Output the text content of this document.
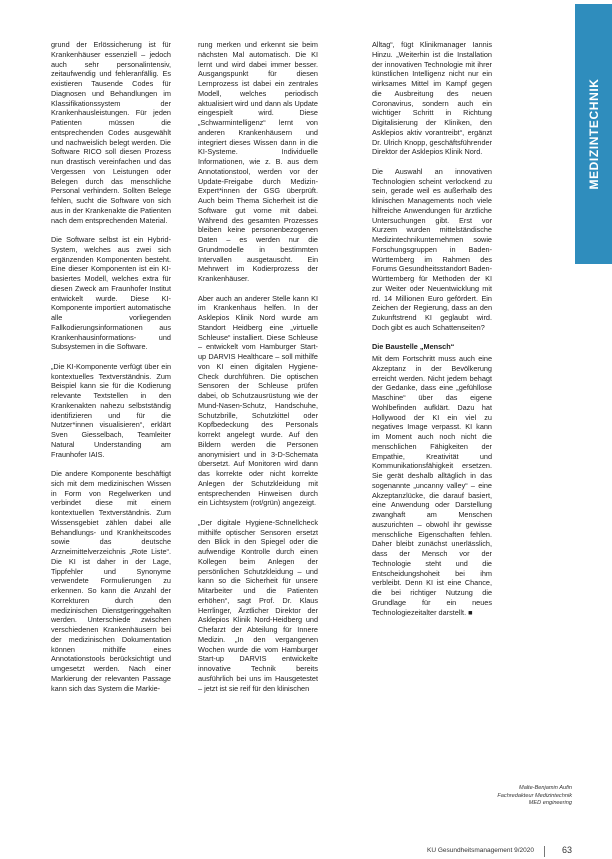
MEDIZINTECHNIK

grund der Erlössicherung ist für Krankenhäuser essenziell – jedoch auch sehr personalintensiv, zeitaufwendig und fehleranfällig. Es existieren Tausende Codes für Diagnosen und Behandlungen im Klassifikationssystem der Krankenhausleistungen. Für jeden Patienten müssen die entsprechenden Codes ausgewählt und nachweislich belegt werden. Die Software RICO soll diesen Prozess nun drastisch vereinfachen und das Vergessen von Leistungen oder Belegen durch das menschliche Personal verhindern. Sollten Belege fehlen, sucht die Software von sich aus in der Krankenakte die Patienten nach dem entsprechenden Material.

Die Software selbst ist ein Hybrid-System, welches aus zwei sich ergänzenden Komponenten besteht. Eine dieser Komponenten ist ein KI-basiertes Modell, welches extra für diesen Zweck am Fraunhofer Institut entwickelt wurde. Diese KI-Komponente importiert automatische alle vorliegenden Fallkodierungsinformationen aus Krankenhausinformations- und Subsystemen in die Software.

„Die KI-Komponente verfügt über ein kontextuelles Textverständnis. Zum Beispiel kann sie für die Kodierung relevante Textstellen in den Krankenakten nahezu selbstständig identifizieren und für die Nutzer*innen visualisieren“, erklärt Sven Giesselbach, Teamleiter Natural Understanding am Fraunhofer IAIS.

Die andere Komponente beschäftigt sich mit dem medizinischen Wissen in Form von Regelwerken und verbindet diese mit einem kontextuellen Textverständnis. Zum Wissensgebiet zählen dabei alle Behandlungs- und Krankheitscodes sowie das deutsche Arzneimittelverzeichnis „Rote Liste“. Die KI ist daher in der Lage, Tippfehler und Synonyme verwendete Formulierungen zu erkennen. So kann die Anzahl der Korrekturen durch den medizinischen Dienstgeringgehalten werden. Unterschiede zwischen verschiedenen Krankenhäusern bei der medizinischen Dokumentation können mithilfe eines Annotationstools berücksichtigt und umgesetzt werden. Nach einer Markierung der relevanten Passage kann sich das System die Markie-

rung merken und erkennt sie beim nächsten Mal automatisch. Die KI lernt und wird dabei immer besser. Ausgangspunkt für diesen Lernprozess ist dabei ein zentrales Modell, welches periodisch aktualisiert wird und dann als Update eingespielt wird. Diese „Schwarmintelligenz“ lernt von anderen Krankenhäusern und integriert dieses Wissen dann in die KI-Systeme. Individuelle Informationen, wie z. B. aus dem Annotationstool, werden vor der Update-Freigabe durch Medizin-Expert*innen der GSG überprüft. Auch beim Thema Sicherheit ist die Software gut vorne mit dabei. Während des gesamten Prozesses bleiben keine personenbezogenen Daten – es werden nur die Grundmodelle in bestimmten Intervallen ausgetauscht. Ein Mehrwert im Kodierprozess der Krankenhäuser.

Aber auch an anderer Stelle kann KI im Krankenhaus helfen. In der Asklepios Klinik Nord wurde am Standort Heidberg eine „virtuelle Schleuse“ installiert. Diese Schleuse – entwickelt vom Hamburger Start-up DARVIS Healthcare – soll mithilfe von KI einen digitalen Hygiene-Check durchführen. Die optischen Sensoren der Schleuse prüfen dabei, ob Schutzausrüstung wie der Mund-Nasen-Schutz, Handschuhe, Schutzbrille, Schutzkittel oder Kopfbedeckung des Personals korrekt angelegt wurde. Auf den Bildern werden die Personen anonymisiert und in 3-D-Schemata übersetzt. Auf Monitoren wird dann das korrekte oder nicht korrekte Anlegen der Schutzkleidung mit entsprechenden Hinweisen durch ein Lichtsystem (rot/grün) angezeigt.

„Der digitale Hygiene-Schnellcheck mithilfe optischer Sensoren ersetzt den Blick in den Spiegel oder die aufwendige Kontrolle durch einen Kollegen beim Anlegen der persönlichen Schutzkleidung – und kann so die Sicherheit für unsere Mitarbeiter und die Patienten erhöhen“, sagt Prof. Dr. Klaus Herrlinger, Ärztlicher Direktor der Asklepios Klinik Nord-Heidberg und Chefarzt der Abteilung für Innere Medizin. „In den vergangenen Wochen wurde die vom Hamburger Start-up DARVIS entwickelte innovative Technik bereits ausführlich bei uns im Hausgetestet – jetzt ist sie reif für den klinischen

Alltag“, fügt Klinikmanager Iannis Hinzu. „Weiterhin ist die Installation der innovativen Technologie mit ihrer künstlichen Intelligenz nicht nur ein wirksames Mittel im Kampf gegen die Ausbreitung des neuen Coronavirus, sondern auch ein wichtiger Schritt in Richtung Digitalisierung der Kliniken, den Asklepios aktiv vorantreibt“, ergänzt Dr. Ulrich Knopp, geschäftsführender Direktor der Asklepios Klinik Nord.

Die Auswahl an innovativen Technologien scheint verlockend zu sein, gerade weil es außerhalb des klinischen Managements noch viele hilfreiche Anwendungen für ärztliche Untersuchungen gibt. Erst vor Kurzem wurden mittelständische Medizintechnikunternehmen sowie Forschungsgruppen in Baden-Württemberg im Rahmen des Forums Gesundheitsstandort Baden-Württemberg für Methoden der KI zur Weiter oder Neuentwicklung mit rd. 14 Millionen Euro gefördert. Ein Zeichen der Regierung, dass an den Zukunftstrend KI geglaubt wird. Doch gibt es auch Schattenseiten?

Die Baustelle „Mensch“

Mit dem Fortschritt muss auch eine Akzeptanz in der Bevölkerung erreicht werden. Nicht jedem behagt der Gedanke, dass eine „gefühllose Maschine“ über das eigene Wohlbefinden aufklärt. Dazu hat Hollywood der KI ein viel zu negatives Image verpasst. KI kann im Moment auch noch nicht die menschlichen Fähigkeiten der Empathie, Kreativität und Kommunikationsfähigkeit ersetzen. Sie gerät deshalb alltäglich in das sogenannte „uncanny valley“ – eine Akzeptanzlücke, die darauf basiert, eine Anwendung oder Darstellung zwanghaft am Menschen auszurichten – obwohl ihr gewisse menschliche Eigenschaften fehlen. Daher bleibt zunächst unerlässlich, dass der Mensch vor der Technologie steht und die Entscheidungshoheit bei ihm verbleibt. Denn KI ist eine Chance, die bei richtiger Nutzung die Grundlage für ein neues Technologiezeitalter darstellt. ■

Malte-Benjamin Aufin
Fachredakteur Medizintechnik
MED engineering
KU Gesundheitsmanagement 9/2020	63
